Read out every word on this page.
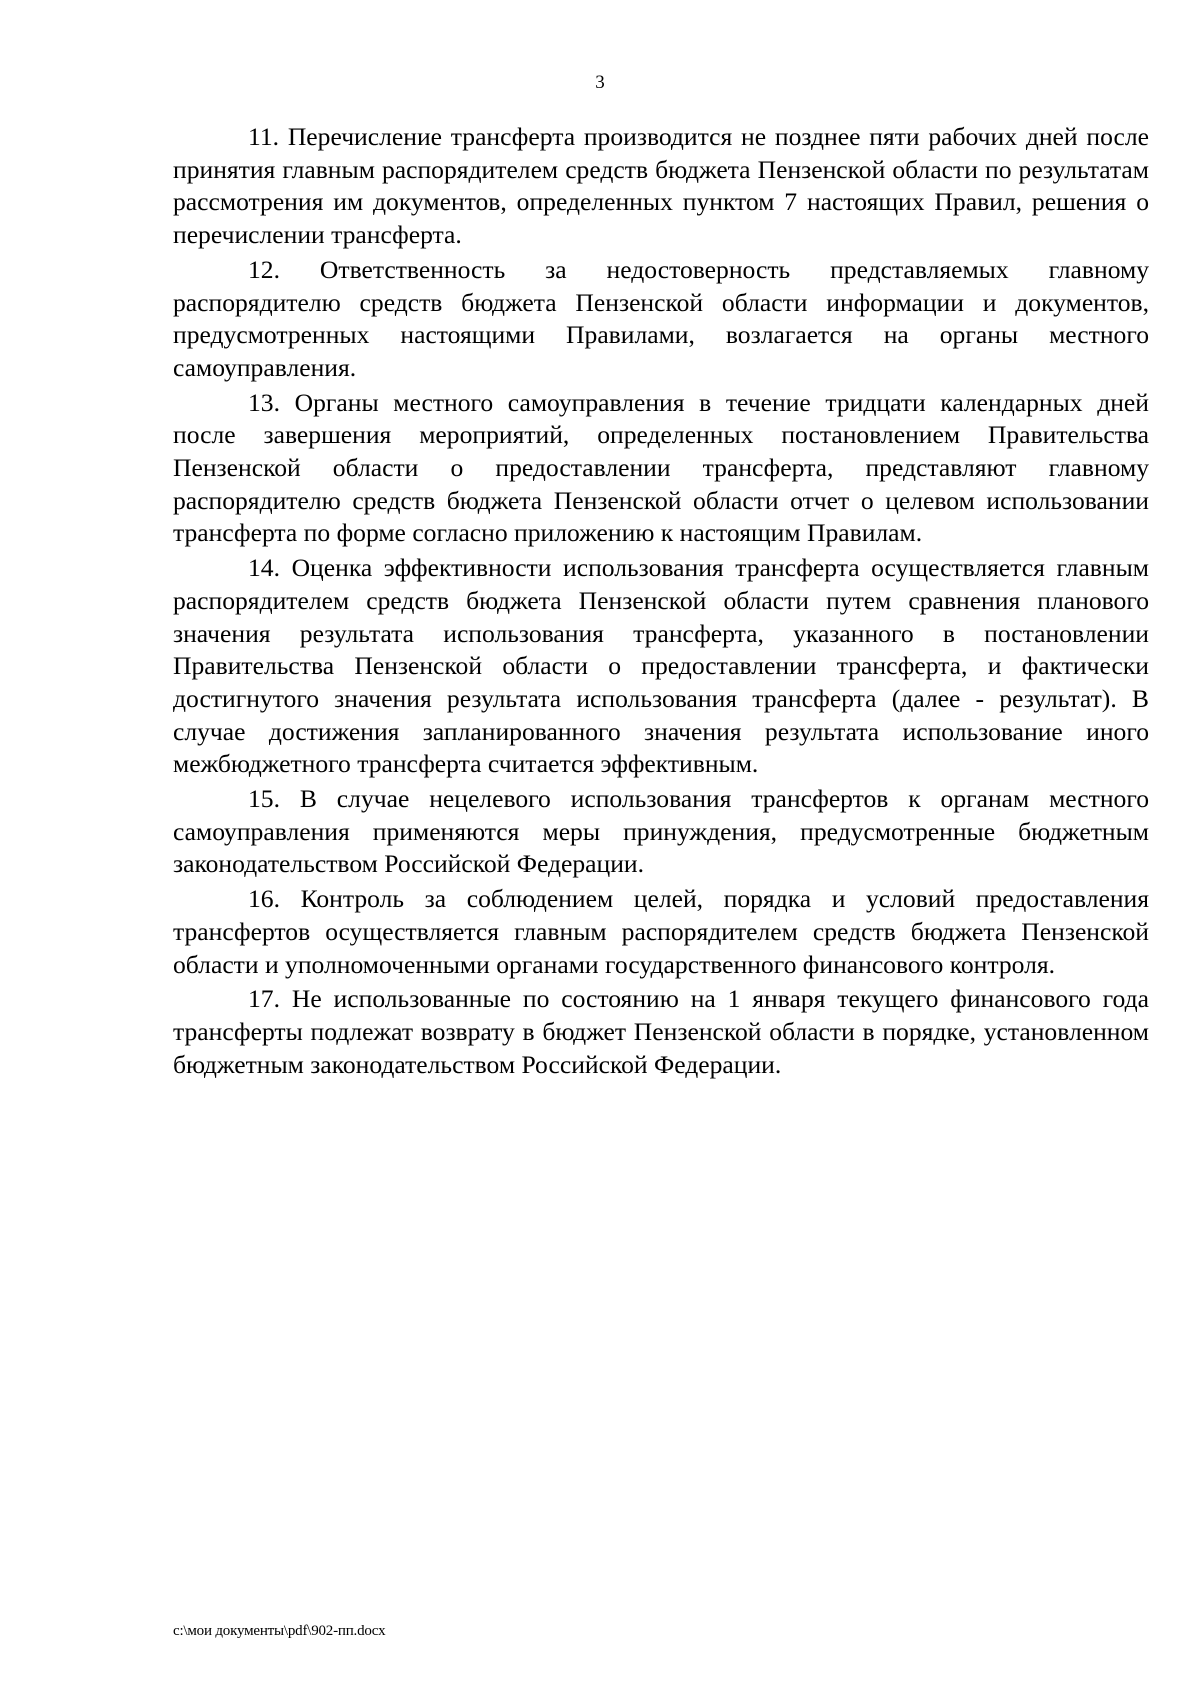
3

11. Перечисление трансферта производится не позднее пяти рабочих дней после принятия главным распорядителем средств бюджета Пензенской области по результатам рассмотрения им документов, определенных пунктом 7 настоящих Правил, решения о перечислении трансферта.

12. Ответственность за недостоверность представляемых главному распорядителю средств бюджета Пензенской области информации и документов, предусмотренных настоящими Правилами, возлагается на органы местного самоуправления.

13. Органы местного самоуправления в течение тридцати календарных дней после завершения мероприятий, определенных постановлением Правительства Пензенской области о предоставлении трансферта, представляют главному распорядителю средств бюджета Пензенской области отчет о целевом использовании трансферта по форме согласно приложению к настоящим Правилам.

14. Оценка эффективности использования трансферта осуществляется главным распорядителем средств бюджета Пензенской области путем сравнения планового значения результата использования трансферта, указанного в постановлении Правительства Пензенской области о предоставлении трансферта, и фактически достигнутого значения результата использования трансферта (далее - результат). В случае достижения запланированного значения результата использование иного межбюджетного трансферта считается эффективным.

15. В случае нецелевого использования трансфертов к органам местного самоуправления применяются меры принуждения, предусмотренные бюджетным законодательством Российской Федерации.

16. Контроль за соблюдением целей, порядка и условий предоставления трансфертов осуществляется главным распорядителем средств бюджета Пензенской области и уполномоченными органами государственного финансового контроля.

17. Не использованные по состоянию на 1 января текущего финансового года трансферты подлежат возврату в бюджет Пензенской области в порядке, установленном бюджетным законодательством Российской Федерации.

c:\мои документы\pdf\902-пп.docx
